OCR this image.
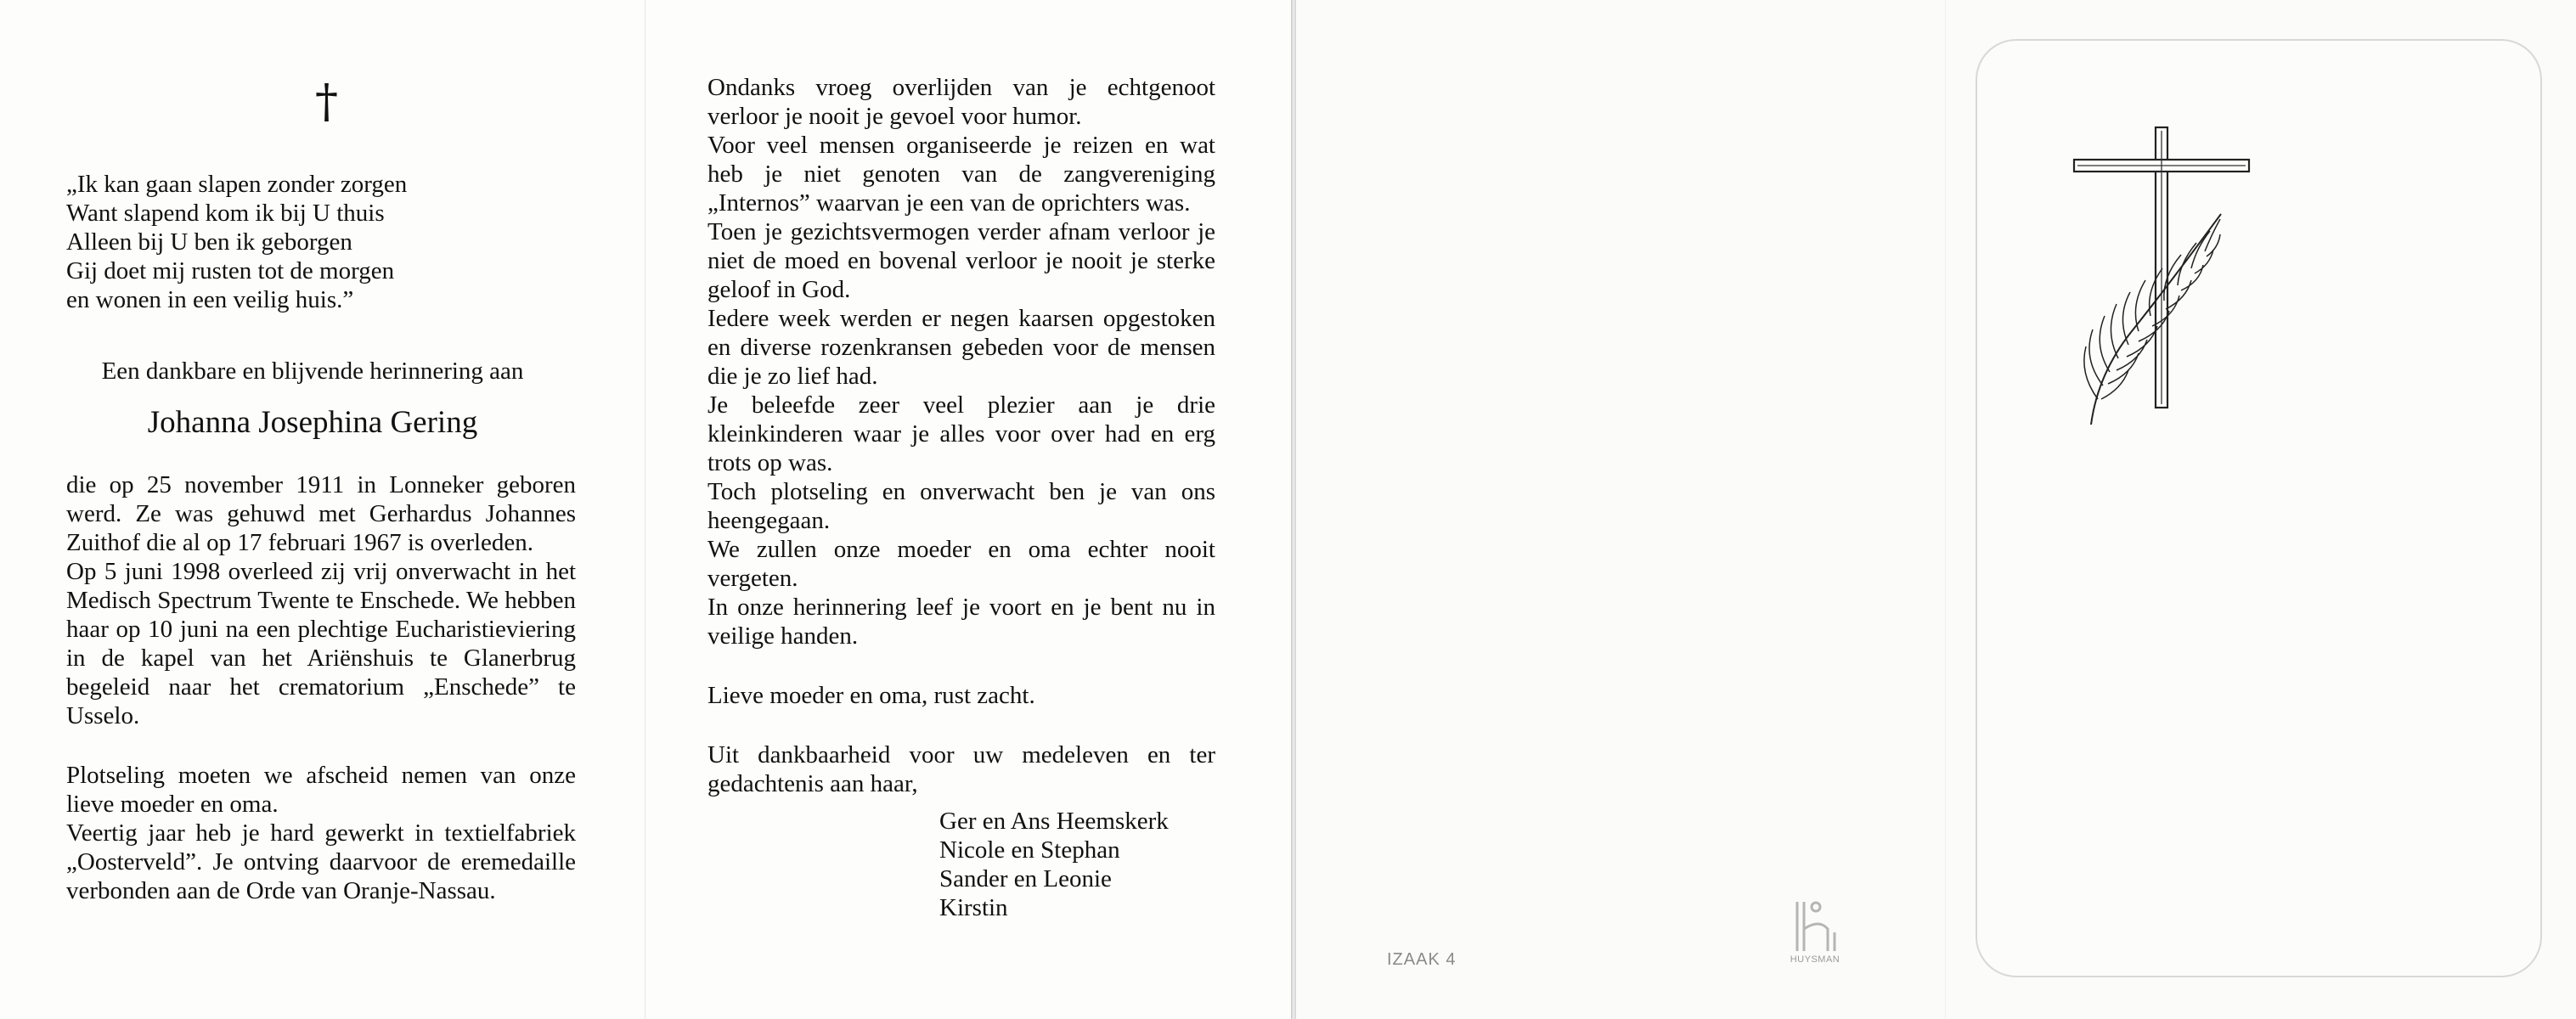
†
„Ik kan gaan slapen zonder zorgen
Want slapend kom ik bij U thuis
Alleen bij U ben ik geborgen
Gij doet mij rusten tot de morgen
en wonen in een veilig huis.”

Een dankbare en blijvende herinnering aan

Johanna Josephina Gering

die op 25 november 1911 in Lonneker geboren werd. Ze was gehuwd met Gerhardus Johannes Zuithof die al op 17 februari 1967 is overleden.

Op 5 juni 1998 overleed zij vrij onverwacht in het Medisch Spectrum Twente te Enschede. We hebben haar op 10 juni na een plechtige Eucharistieviering in de kapel van het Ariënshuis te Glanerbrug begeleid naar het crematorium „Enschede” te Usselo.

Plotseling moeten we afscheid nemen van onze lieve moeder en oma.

Veertig jaar heb je hard gewerkt in textielfabriek „Oosterveld”. Je ontving daarvoor de eremedaille verbonden aan de Orde van Oranje-Nassau.

Ondanks vroeg overlijden van je echtgenoot verloor je nooit je gevoel voor humor.

Voor veel mensen organiseerde je reizen en wat heb je niet genoten van de zangvereniging „Internos” waarvan je een van de oprichters was.

Toen je gezichtsvermogen verder afnam verloor je niet de moed en bovenal verloor je nooit je sterke geloof in God.

Iedere week werden er negen kaarsen opgestoken en diverse rozenkransen gebeden voor de mensen die je zo lief had.

Je beleefde zeer veel plezier aan je drie kleinkinderen waar je alles voor over had en erg trots op was.

Toch plotseling en onverwacht ben je van ons heengegaan.

We zullen onze moeder en oma echter nooit vergeten.

In onze herinnering leef je voort en je bent nu in veilige handen.

Lieve moeder en oma, rust zacht.

Uit dankbaarheid voor uw medeleven en ter gedachtenis aan haar,

Ger en Ans Heemskerk
Nicole en Stephan
Sander en Leonie
Kirstin
IZAAK 4	HUYSMAN
